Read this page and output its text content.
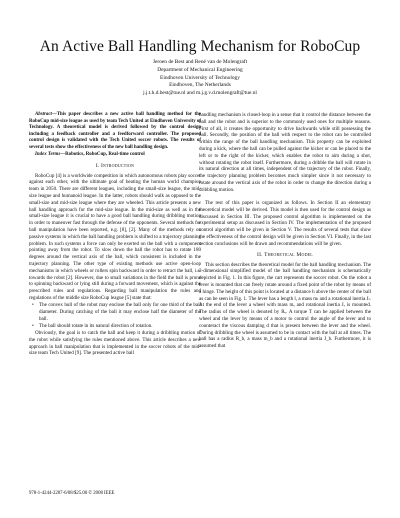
An Active Ball Handling Mechanism for RoboCup
Jeroen de Best and René van de Molengraft
Department of Mechanical Engineering
Eindhoven University of Technology
Eindhoven, The Netherlands
j.j.t.h.d.best@tue.nl and m.j.g.v.d.molengraft@tue.nl

Abstract—This paper describes a new active ball handling method for the RoboCup mid-size league as used by team Tech United at Eindhoven University of Technology. A theoretical model is derived followed by the control design including a feedback controller and a feedforward controller. The proposed control design is validated with the Tech United soccer robots. The results of several tests show the effectiveness of the new ball handling design.

Index Terms—Robotics, RoboCup, Real-time control

I. Introduction

RoboCup [4] is a worldwide competition in which autonomous robots play soccer against each other, with the ultimate goal of beating the human world champion team in 2050. There are different leagues, including the small-size league, the mid-size league and humanoid league. In the latter, robots should walk as opposed to the small-size and mid-size league where they are wheeled. This article presents a new ball handling approach for the mid-size league. In the mid-size as well as in the small-size league it is crucial to have a good ball handling during dribbling motion in order to maneuver fast through the defense of the opponents. Several methods for ball manipulation have been reported, e.g. [8], [2]. Many of the methods rely on passive systems in which the ball handling problem is shifted to a trajectory planning problem. In such systems a force can only be exerted on the ball with a component pointing away from the robot. To slow down the ball the robot has to rotate 180 degrees around the vertical axis of the ball, which consistent is included in the trajectory planning. The other type of existing methods use active open-loop mechanisms in which wheels or rollers spin backward in order to retract the ball, i.e. towards the robot [2]. However, due to small variations in the field the ball is prone to spinning backward or lying still during a forward movement, which is against the prescribed rules and regulations. Regarding ball manipulation the rules and regulations of the middle size RoboCup league [5] state that:

• The convex hull of the robot may enclose the ball only for one third of the ball diameter. During catching of the ball it may enclose half the diameter of the ball.

• The ball should rotate in its natural direction of rotation.

Obviously, the goal is to catch the ball and keep it during a dribbling motion of the robot while satisfying the rules mentioned above. This article describes a new approach in ball manipulation that is implemented in the soccer robots of the mid-size team Tech United [9]. The presented active ball

handling mechanism is closed-loop in a sense that it control the distance between the ball and the robot and is superior to the commonly used ones for multiple reasons. First of all, it creates the opportunity to drive backwards while still possessing the ball. Secondly, the position of the ball with respect to the robot can be controlled within the range of the ball handling mechanism. This property can be exploited during a kick, where the ball can be pulled against the kicker or can be placed to the left or to the right of the kicker, which enables the robot to aim during a shot, without rotating the robot itself. Furthermore, during a dribble the ball will rotate in its natural direction at all times, independent of the trajectory of the robot. Finally, the trajectory planning problem becomes much simpler since it not necessary to rotate around the vertical axis of the robot in order to change the direction during a dribbling motion.

The rest of this paper is organized as follows. In Section II an elementary theoretical model will be derived. This model is then used for the control design as discussed in Section III. The proposed control algorithm is implemented on the experimental setup as discussed in Section IV. The implementation of the proposed control algorithm will be given in Section V. The results of several tests that show the effectiveness of the control design will be given in Section VI. Finally, in the last section conclusions will be drawn and recommendations will be given.

II. Theoretical Model

This section describes the theoretical model for the ball handling mechanism. The 2-dimensional simplified model of the ball handling mechanism is schematically depicted in Fig. 1. In this figure, the cart represents the soccer robot. On the robot a lever is mounted that can freely rotate around a fixed point of the robot by means of a hinge. The height of this point is located at a distance h above the center of the ball as can be seen in Fig. 1. The lever has a length l, a mass mₗ and a rotational inertia Jₗ. At the end of the lever a wheel with mass mᵥ and rotational inertia Jᵥ is mounted. The radius of the wheel is denoted by Rᵥ. A torque T can be applied between the wheel and the lever by means of a motor to control the angle of the lever and to counteract the viscous damping d that is present between the lever and the wheel. During dribbling the wheel is assumed to be in contact with the ball at all times. The ball has a radius R_b, a mass m_b and a rotational inertia J_b. Furthermore, it is assumed that

978-1-4244-2287-6/08/$25.00 © 2008 IEEE
